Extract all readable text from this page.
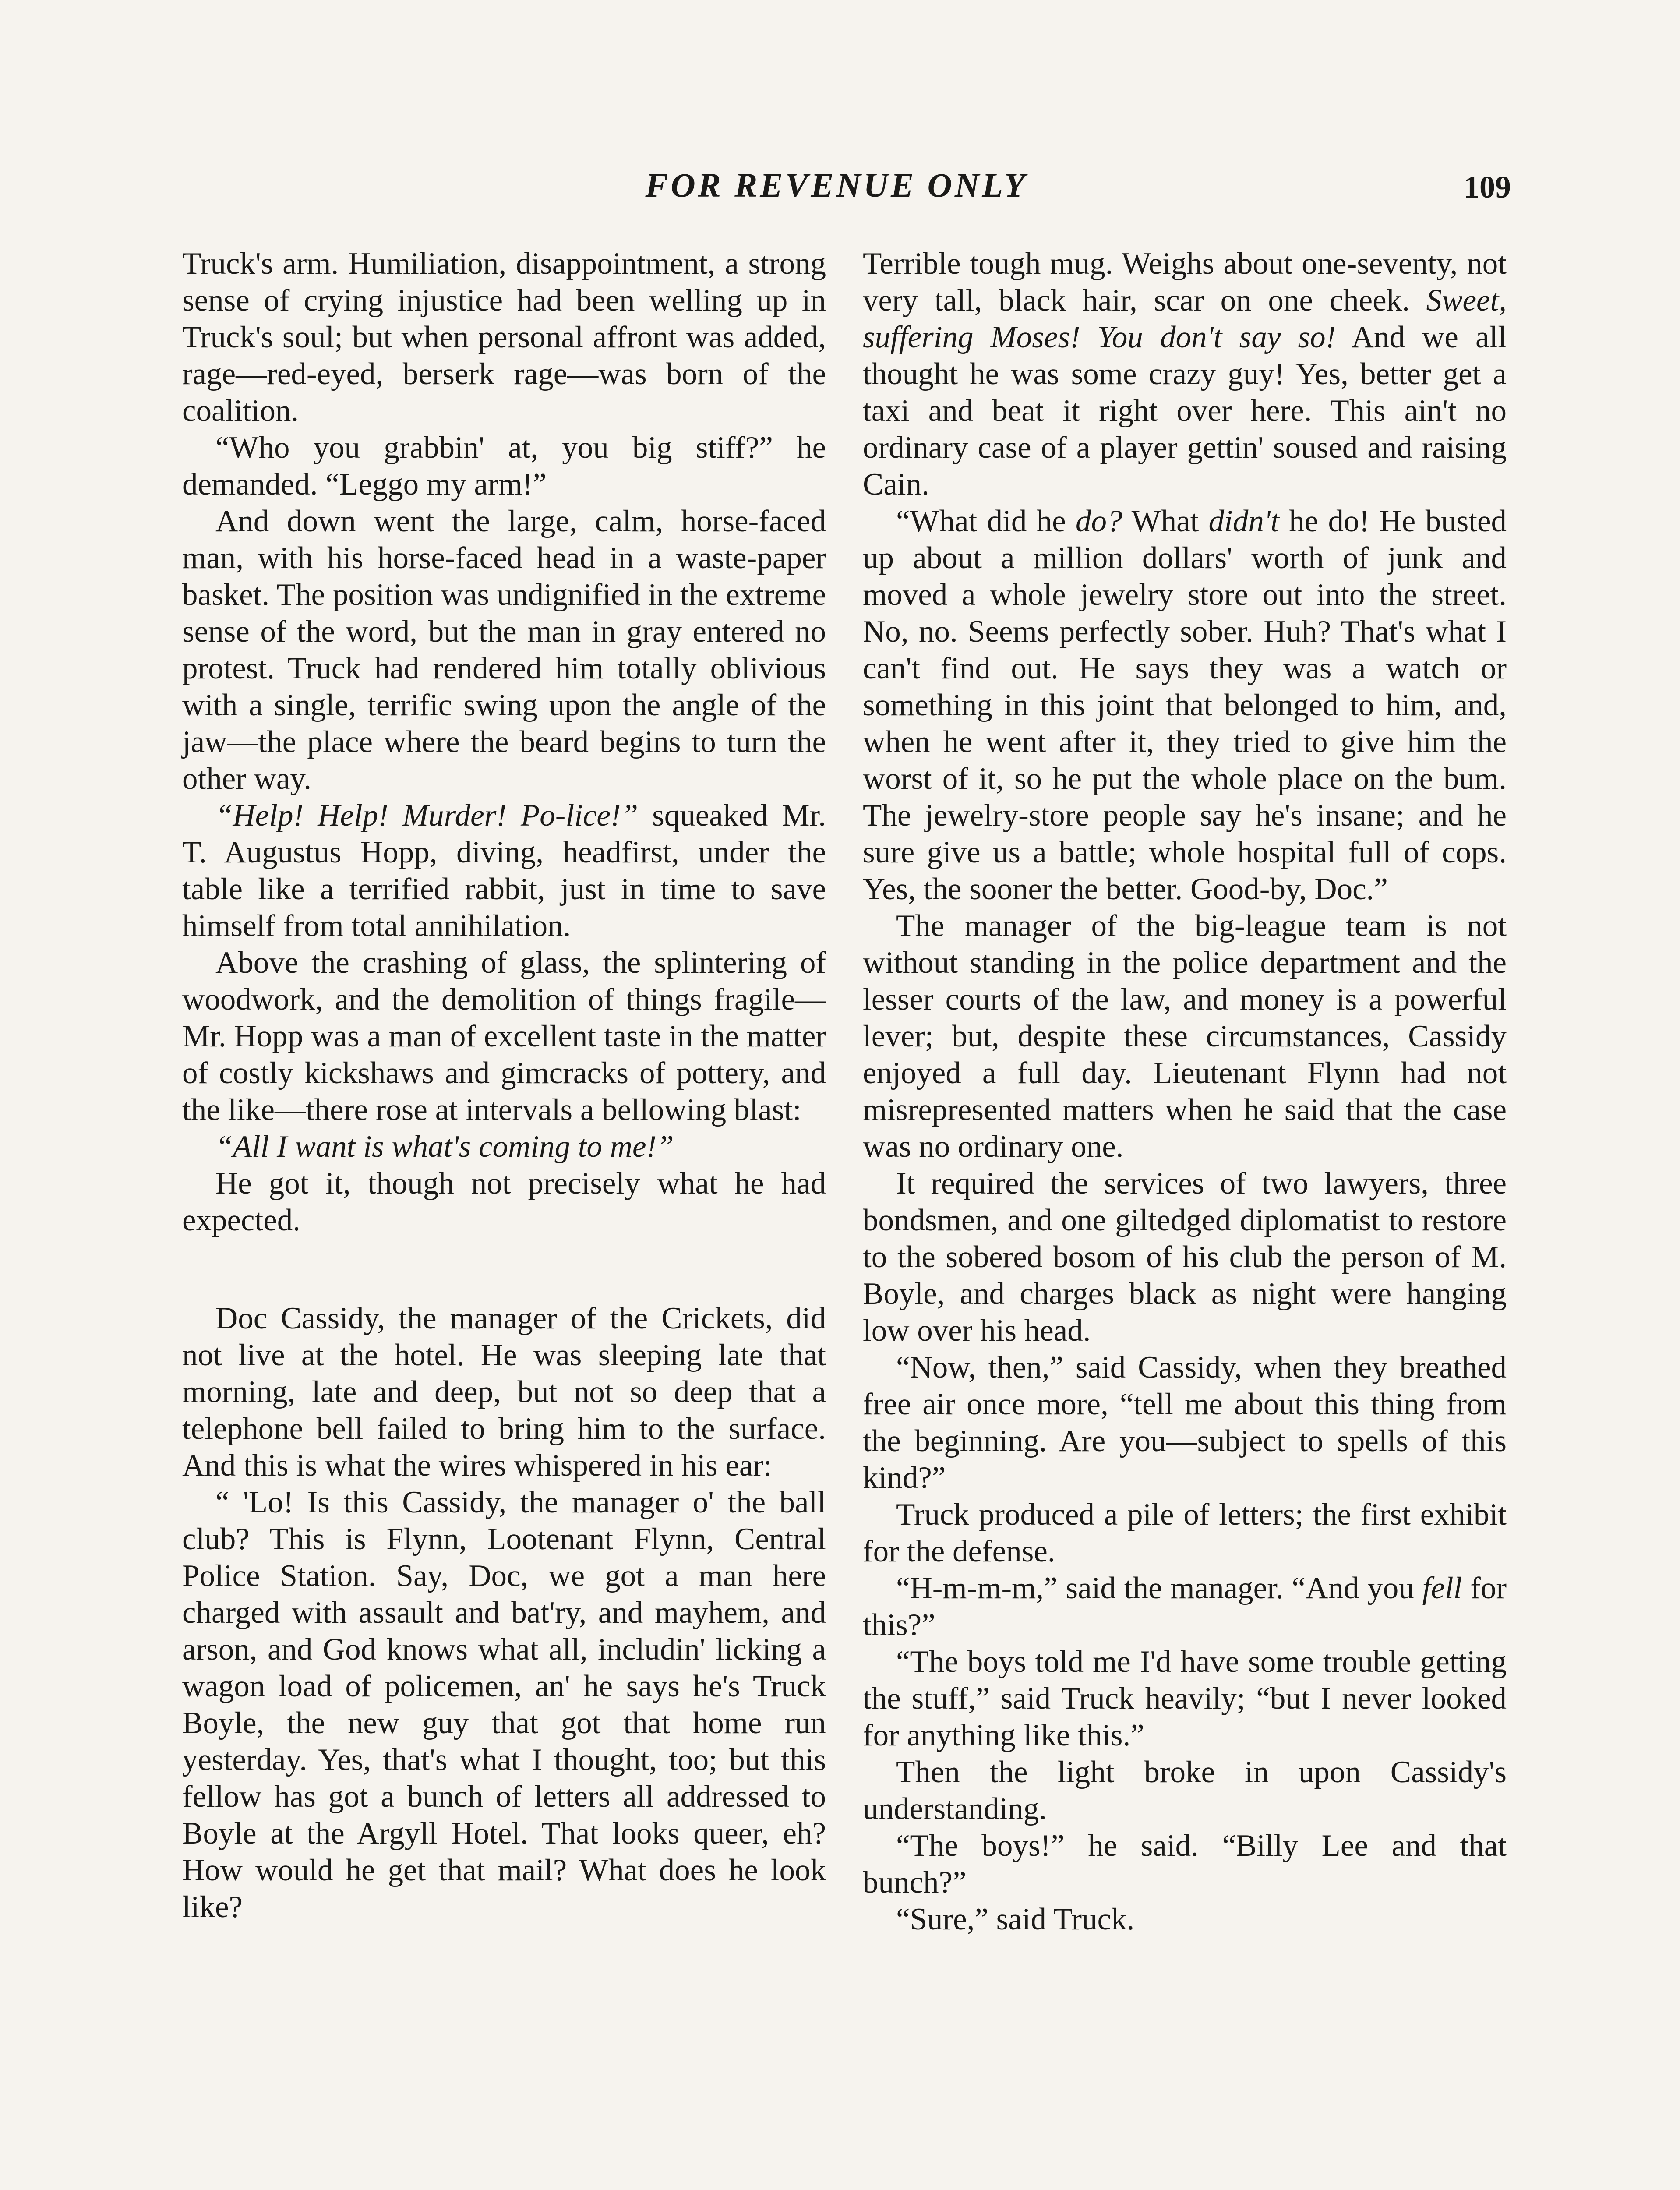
FOR REVENUE ONLY	109

Truck's arm. Humiliation, disappointment, a strong sense of crying injustice had been welling up in Truck's soul; but when personal affront was added, rage—red-eyed, berserk rage—was born of the coalition.

“Who you grabbin' at, you big stiff?” he demanded. “Leggo my arm!”

And down went the large, calm, horse-faced man, with his horse-faced head in a waste-paper basket. The position was undignified in the extreme sense of the word, but the man in gray entered no protest. Truck had rendered him totally oblivious with a single, terrific swing upon the angle of the jaw—the place where the beard begins to turn the other way.

“Help! Help! Murder! Po-lice!” squeaked Mr. T. Augustus Hopp, diving, headfirst, under the table like a terrified rabbit, just in time to save himself from total annihilation.

Above the crashing of glass, the splintering of woodwork, and the demolition of things fragile—Mr. Hopp was a man of excellent taste in the matter of costly kickshaws and gimcracks of pottery, and the like—there rose at intervals a bellowing blast:

“All I want is what's coming to me!”

He got it, though not precisely what he had expected.

Doc Cassidy, the manager of the Crickets, did not live at the hotel. He was sleeping late that morning, late and deep, but not so deep that a telephone bell failed to bring him to the surface. And this is what the wires whispered in his ear:

“ 'Lo! Is this Cassidy, the manager o' the ball club? This is Flynn, Lootenant Flynn, Central Police Station. Say, Doc, we got a man here charged with assault and bat'ry, and mayhem, and arson, and God knows what all, includin' licking a wagon load of policemen, an' he says he's Truck Boyle, the new guy that got that home run yesterday. Yes, that's what I thought, too; but this fellow has got a bunch of letters all addressed to Boyle at the Argyll Hotel. That looks queer, eh? How would he get that mail? What does he look like?

Terrible tough mug. Weighs about one-seventy, not very tall, black hair, scar on one cheek. Sweet, suffering Moses! You don't say so! And we all thought he was some crazy guy! Yes, better get a taxi and beat it right over here. This ain't no ordinary case of a player gettin' soused and raising Cain.

“What did he do? What didn't he do! He busted up about a million dollars' worth of junk and moved a whole jewelry store out into the street. No, no. Seems perfectly sober. Huh? That's what I can't find out. He says they was a watch or something in this joint that belonged to him, and, when he went after it, they tried to give him the worst of it, so he put the whole place on the bum. The jewelry-store people say he's insane; and he sure give us a battle; whole hospital full of cops. Yes, the sooner the better. Good-by, Doc.”

The manager of the big-league team is not without standing in the police department and the lesser courts of the law, and money is a powerful lever; but, despite these circumstances, Cassidy enjoyed a full day. Lieutenant Flynn had not misrepresented matters when he said that the case was no ordinary one.

It required the services of two lawyers, three bondsmen, and one giltedged diplomatist to restore to the sobered bosom of his club the person of M. Boyle, and charges black as night were hanging low over his head.

“Now, then,” said Cassidy, when they breathed free air once more, “tell me about this thing from the beginning. Are you—subject to spells of this kind?”

Truck produced a pile of letters; the first exhibit for the defense.

“H-m-m-m,” said the manager. “And you fell for this?”

“The boys told me I'd have some trouble getting the stuff,” said Truck heavily; “but I never looked for anything like this.”

Then the light broke in upon Cassidy's understanding.

“The boys!” he said. “Billy Lee and that bunch?”

“Sure,” said Truck.
